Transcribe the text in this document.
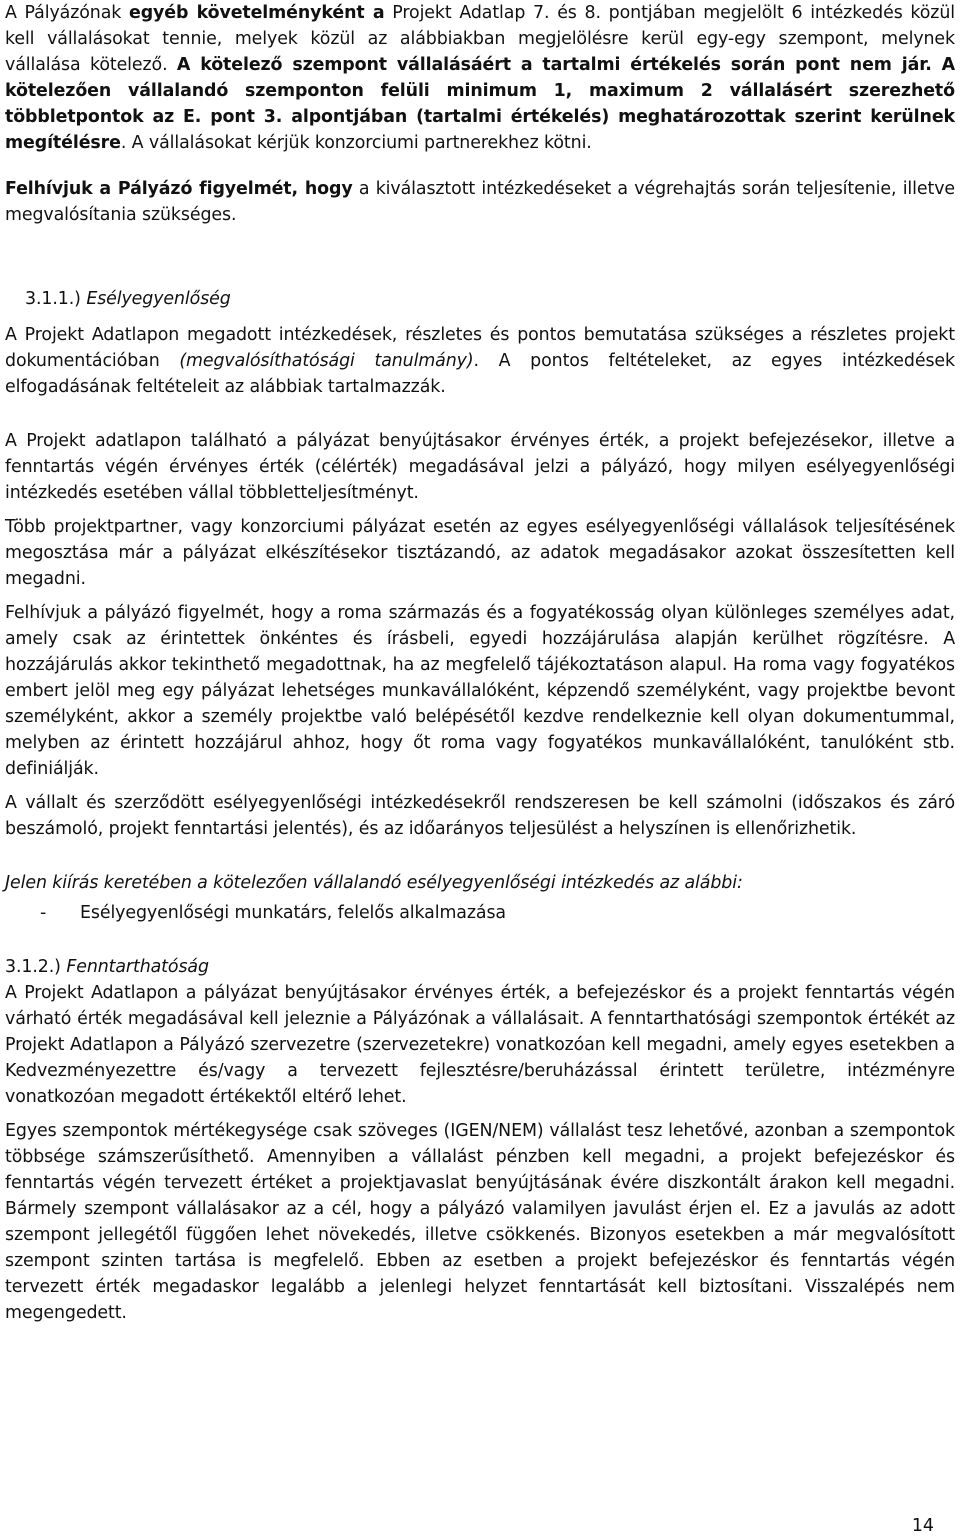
A Pályázónak egyéb követelményként a Projekt Adatlap 7. és 8. pontjában megjelölt 6 intézkedés közül kell vállalásokat tennie, melyek közül az alábbiakban megjelölésre kerül egy-egy szempont, melynek vállalása kötelező. A kötelező szempont vállalásáért a tartalmi értékelés során pont nem jár. A kötelezően vállalandó szemponton felüli minimum 1, maximum 2 vállalásért szerezhető többletpontok az E. pont 3. alpontjában (tartalmi értékelés) meghatározottak szerint kerülnek megítélésre. A vállalásokat kérjük konzorciumi partnerekhez kötni.

Felhívjuk a Pályázó figyelmét, hogy a kiválasztott intézkedéseket a végrehajtás során teljesítenie, illetve megvalósítania szükséges.

3.1.1.) Esélyegyenlőség

A Projekt Adatlapon megadott intézkedések, részletes és pontos bemutatása szükséges a részletes projekt dokumentációban (megvalósíthatósági tanulmány). A pontos feltételeket, az egyes intézkedések elfogadásának feltételeit az alábbiak tartalmazzák.

A Projekt adatlapon található a pályázat benyújtásakor érvényes érték, a projekt befejezésekor, illetve a fenntartás végén érvényes érték (célérték) megadásával jelzi a pályázó, hogy milyen esélyegyenlőségi intézkedés esetében vállal többletteljesítményt.

Több projektpartner, vagy konzorciumi pályázat esetén az egyes esélyegyenlőségi vállalások teljesítésének megosztása már a pályázat elkészítésekor tisztázandó, az adatok megadásakor azokat összesítetten kell megadni.

Felhívjuk a pályázó figyelmét, hogy a roma származás és a fogyatékosság olyan különleges személyes adat, amely csak az érintettek önkéntes és írásbeli, egyedi hozzájárulása alapján kerülhet rögzítésre. A hozzájárulás akkor tekinthető megadottnak, ha az megfelelő tájékoztatáson alapul. Ha roma vagy fogyatékos embert jelöl meg egy pályázat lehetséges munkavállalóként, képzendő személyként, vagy projektbe bevont személyként, akkor a személy projektbe való belépésétől kezdve rendelkeznie kell olyan dokumentummal, melyben az érintett hozzájárul ahhoz, hogy őt roma vagy fogyatékos munkavállalóként, tanulóként stb. definiálják.

A vállalt és szerződött esélyegyenlőségi intézkedésekről rendszeresen be kell számolni (időszakos és záró beszámoló, projekt fenntartási jelentés), és az időarányos teljesülést a helyszínen is ellenőrizhetik.

Jelen kiírás keretében a kötelezően vállalandó esélyegyenlőségi intézkedés az alábbi:

-	Esélyegyenlőségi munkatárs, felelős alkalmazása

3.1.2.) Fenntarthatóság

A Projekt Adatlapon a pályázat benyújtásakor érvényes érték, a befejezéskor és a projekt fenntartás végén várható érték megadásával kell jeleznie a Pályázónak a vállalásait. A fenntarthatósági szempontok értékét az Projekt Adatlapon a Pályázó szervezetre (szervezetekre) vonatkozóan kell megadni, amely egyes esetekben a Kedvezményezettre és/vagy a tervezett fejlesztésre/beruházással érintett területre, intézményre vonatkozóan megadott értékektől eltérő lehet.

Egyes szempontok mértékegysége csak szöveges (IGEN/NEM) vállalást tesz lehetővé, azonban a szempontok többsége számszerűsíthető. Amennyiben a vállalást pénzben kell megadni, a projekt befejezéskor és fenntartás végén tervezett értéket a projektjavaslat benyújtásának évére diszkontált árakon kell megadni. Bármely szempont vállalásakor az a cél, hogy a pályázó valamilyen javulást érjen el. Ez a javulás az adott szempont jellegétől függően lehet növekedés, illetve csökkenés. Bizonyos esetekben a már megvalósított szempont szinten tartása is megfelelő. Ebben az esetben a projekt befejezéskor és fenntartás végén tervezett érték megadaskor legalább a jelenlegi helyzet fenntartását kell biztosítani. Visszalépés nem megengedett.

14
